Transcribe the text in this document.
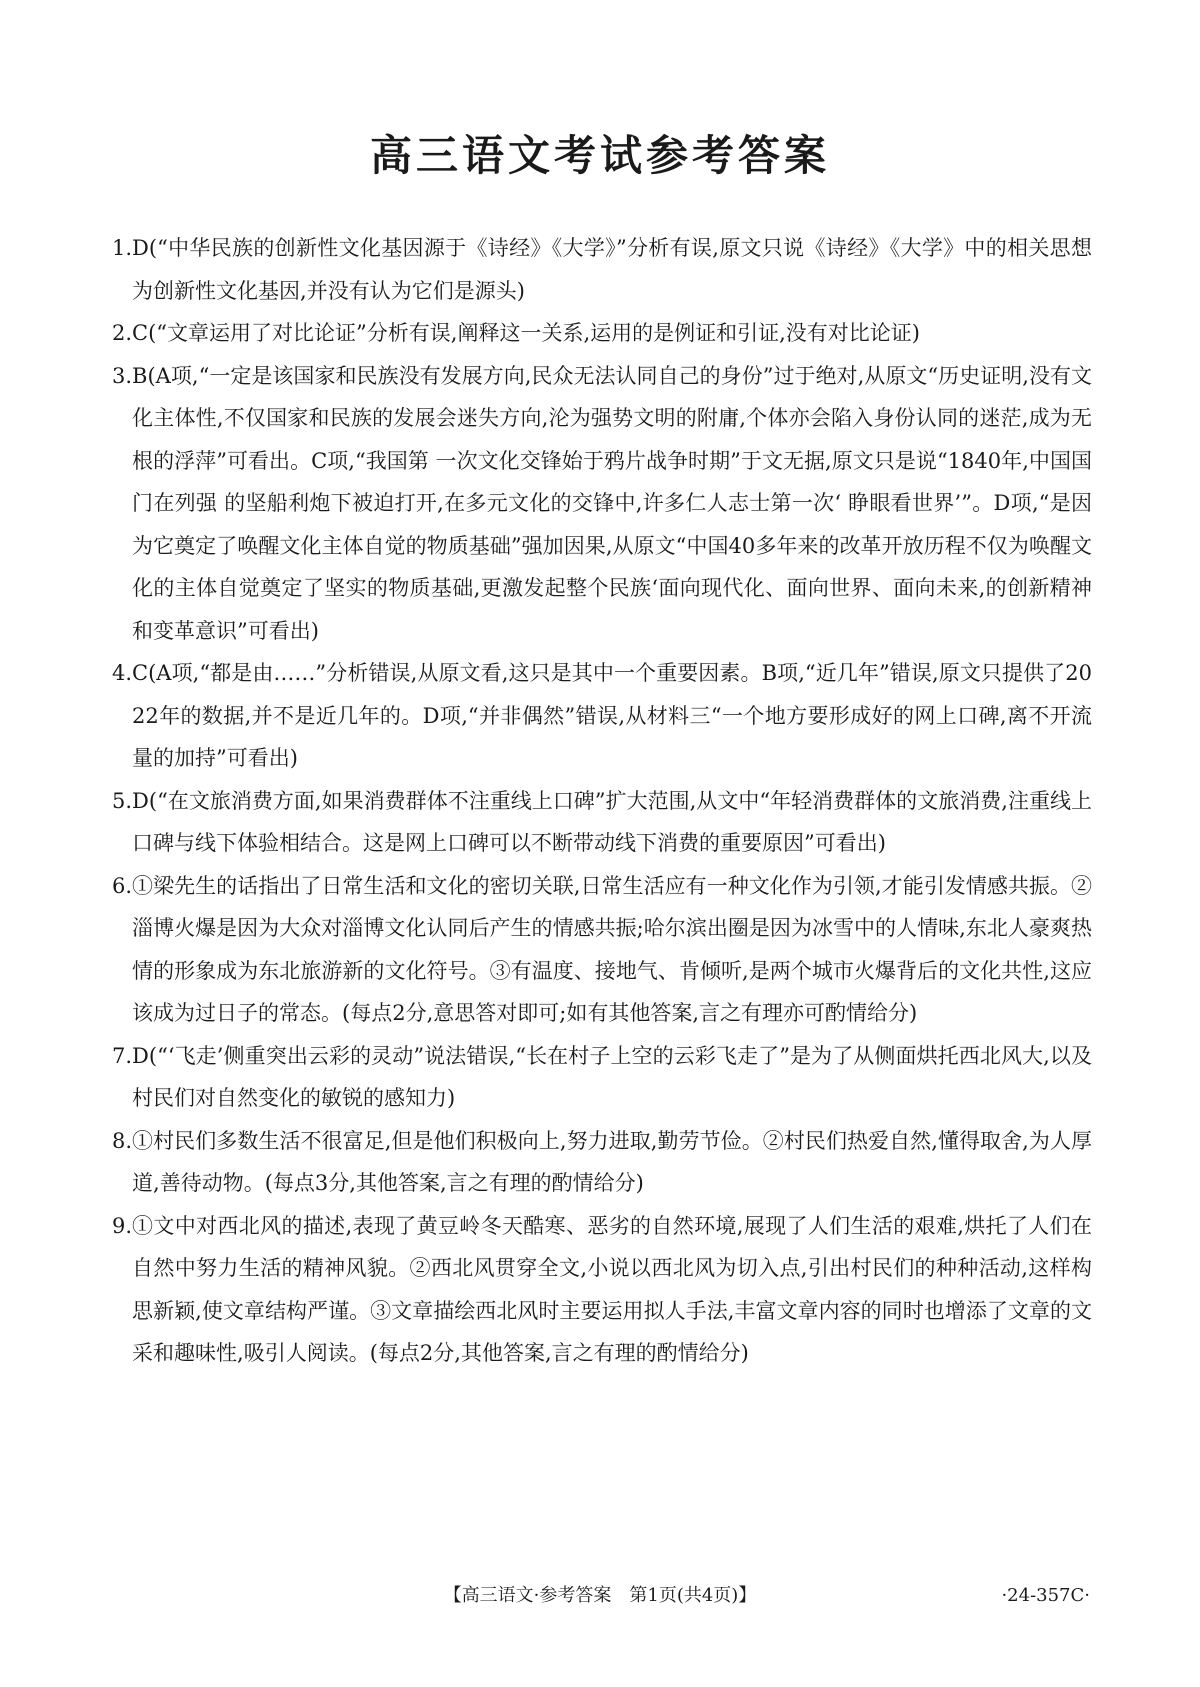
高三语文考试参考答案
1. D(“中华民族的创新性文化基因源于《诗经》《大学》”分析有误,原文只说《诗经》《大学》中的相关思想为创新性文化基因,并没有认为它们是源头)
2. C(“文章运用了对比论证”分析有误,阐释这一关系,运用的是例证和引证,没有对比论证)
3. B(A项,“一定是该国家和民族没有发展方向,民众无法认同自己的身份”过于绝对,从原文“历史证明,没有文化主体性,不仅国家和民族的发展会迷失方向,沦为强势文明的附庸,个体亦会陷入身份认同的迷茫,成为无根的浮萍”可看出。C项,“我国第 一次文化交锋始于鸦片战争时期”于文无据,原文只是说“1840年,中国国门在列强 的坚船利炮下被迫打开,在多元文化的交锋中,许多仁人志士第一次‘ 睁眼看世界’”。D项,“是因为它奠定了唤醒文化主体自觉的物质基础”强加因果,从原文“中国40多年来的改革开放历程不仅为唤醒文化的主体自觉奠定了坚实的物质基础,更激发起整个民族‘面向现代化、面向世界、面向未来,的创新精神和变革意识”可看出)
4. C(A项,“都是由……”分析错误,从原文看,这只是其中一个重要因素。B项,“近几年”错误,原文只提供了2022年的数据,并不是近几年的。D项,“并非偶然”错误,从材料三“一个地方要形成好的网上口碑,离不开流量的加持”可看出)
5. D(“在文旅消费方面,如果消费群体不注重线上口碑”扩大范围,从文中“年轻消费群体的文旅消费,注重线上口碑与线下体验相结合。这是网上口碑可以不断带动线下消费的重要原因”可看出)
6. ①梁先生的话指出了日常生活和文化的密切关联,日常生活应有一种文化作为引领,才能引发情感共振。②淄博火爆是因为大众对淄博文化认同后产生的情感共振;哈尔滨出圈是因为冰雪中的人情味,东北人豪爽热情的形象成为东北旅游新的文化符号。③有温度、接地气、肯倾听,是两个城市火爆背后的文化共性,这应该成为过日子的常态。(每点2分,意思答对即可;如有其他答案,言之有理亦可酌情给分)
7. D(“‘飞走’侧重突出云彩的灵动”说法错误,“长在村子上空的云彩飞走了”是为了从侧面烘托西北风大,以及村民们对自然变化的敏锐的感知力)
8. ①村民们多数生活不很富足,但是他们积极向上,努力进取,勤劳节俭。②村民们热爱自然,懂得取舍,为人厚道,善待动物。(每点3分,其他答案,言之有理的酌情给分)
9. ①文中对西北风的描述,表现了黄豆岭冬天酷寒、恶劣的自然环境,展现了人们生活的艰难,烘托了人们在自然中努力生活的精神风貌。②西北风贯穿全文,小说以西北风为切入点,引出村民们的种种活动,这样构思新颖,使文章结构严谨。③文章描绘西北风时主要运用拟人手法,丰富文章内容的同时也增添了文章的文采和趣味性,吸引人阅读。(每点2分,其他答案,言之有理的酌情给分)
【高三语文·参考答案　第1页(共4页)】	·24-357C·
